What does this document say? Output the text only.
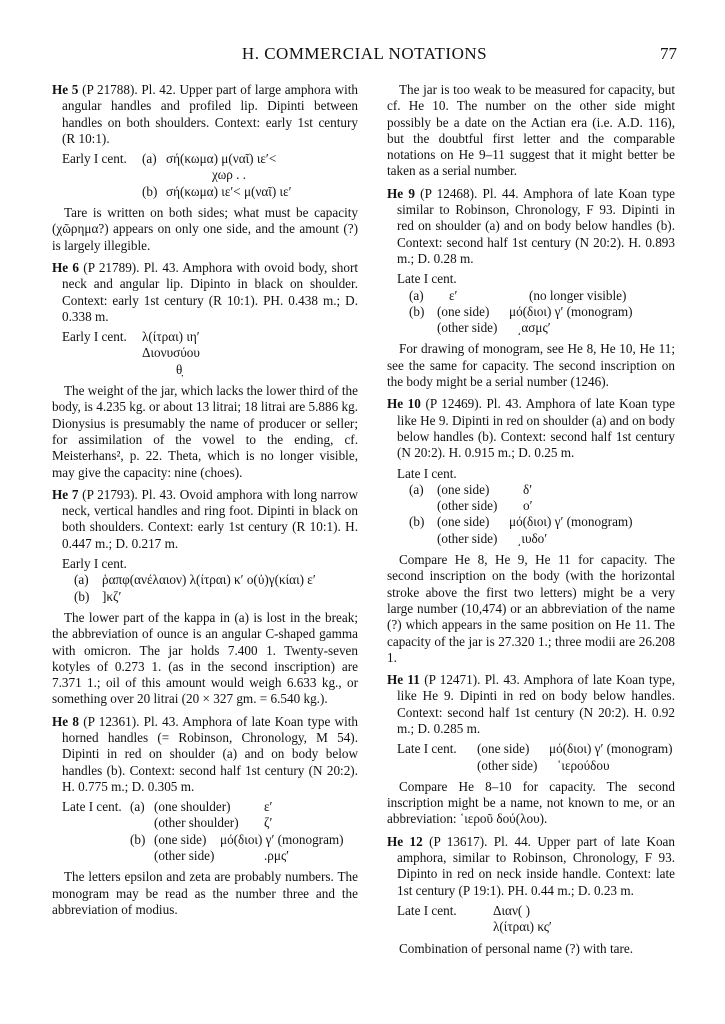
H. COMMERCIAL NOTATIONS	77

He 5 (P 21788). Pl. 42. Upper part of large amphora with angular handles and profiled lip. Dipinti between handles on both shoulders. Context: early 1st century (R 10:1).

Early I cent.	(a) σή(κωμα) μ(ναῖ) ιε′<
χωρ . .
(b) σή(κωμα) ιε′< μ(ναῖ) ιε′

Tare is written on both sides; what must be capacity (χῶρημα?) appears on only one side, and the amount (?) is largely illegible.

He 6 (P 21789). Pl. 43. Amphora with ovoid body, short neck and angular lip. Dipinto in black on shoulder. Context: early 1st century (R 10:1). PH. 0.438 m.; D. 0.338 m.

Early I cent.	λ(ίτραι) ιη′
Διονυσύου
θ̣

The weight of the jar, which lacks the lower third of the body, is 4.235 kg. or about 13 litrai; 18 litrai are 5.886 kg. Dionysius is presumably the name of producer or seller; for assimilation of the vowel to the ending, cf. Meisterhans², p. 22. Theta, which is no longer visible, may give the capacity: nine (choes).

He 7 (P 21793). Pl. 43. Ovoid amphora with long narrow neck, vertical handles and ring foot. Dipinti in black on both shoulders. Context: early 1st century (R 10:1). H. 0.447 m.; D. 0.217 m.

Early I cent.
(a)	ῥαπφ(ανέλαιον) λ(ίτραι) κ′ ο(ὐ)γ(κίαι) ε′
(b) ]κζ′

The lower part of the kappa in (a) is lost in the break; the abbreviation of ounce is an angular C-shaped gamma with omicron. The jar holds 7.400 1. Twenty-seven kotyles of 0.273 1. (as in the second inscription) are 7.371 1.; oil of this amount would weigh 6.633 kg., or something over 20 litrai (20 × 327 gm. = 6.540 kg.).

He 8 (P 12361). Pl. 43. Amphora of late Koan type with horned handles (= Robinson, Chronology, M 54). Dipinti in red on shoulder (a) and on body below handles (b). Context: second half 1st century (N 20:2). H. 0.775 m.; D. 0.305 m.

Late I cent. (a) (one shoulder)	ε′
(other shoulder)	ζ′
(b) (one side)	μό(διοι) γ′ (monogram)
(other side)	.ρμς′

The letters epsilon and zeta are probably numbers. The monogram may be read as the number three and the abbreviation of modius.

The jar is too weak to be measured for capacity, but cf. He 10. The number on the other side might possibly be a date on the Actian era (i.e. A.D. 116), but the doubtful first letter and the comparable notations on He 9–11 suggest that it might better be taken as a serial number.

He 9 (P 12468). Pl. 44. Amphora of late Koan type similar to Robinson, Chronology, F 93. Dipinti in red on shoulder (a) and on body below handles (b). Context: second half 1st century (N 20:2). H. 0.893 m.; D. 0.28 m.

Late I cent.
(a)	ε′	(no longer visible)
(b) (one side)	μό(διοι) γ′ (monogram)
(other side)	͵ασμς′

For drawing of monogram, see He 8, He 10, He 11; see the same for capacity. The second inscription on the body might be a serial number (1246).

He 10 (P 12469). Pl. 43. Amphora of late Koan type like He 9. Dipinti in red on shoulder (a) and on body below handles (b). Context: second half 1st century (N 20:2). H. 0.915 m.; D. 0.25 m.

Late I cent.
(a)	(one side)	δ′
(other side)	ο′
(b) (one side)	μό(διοι) γ′ (monogram)
(other side)	͵ιυδο′

Compare He 8, He 9, He 11 for capacity. The second inscription on the body (with the horizontal stroke above the first two letters) might be a very large number (10,474) or an abbreviation of the name (?) which appears in the same position on He 11. The capacity of the jar is 27.320 1.; three modii are 26.208 1.

He 11 (P 12471). Pl. 43. Amphora of late Koan type, like He 9. Dipinti in red on body below handles. Context: second half 1st century (N 20:2). H. 0.92 m.; D. 0.285 m.

Late I cent.	(one side)	μό(διοι) γ′ (monogram)
(other side)	῾ιερούδου

Compare He 8–10 for capacity. The second inscription might be a name, not known to me, or an abbreviation: ῾ιεροῦ δού(λου).

He 12 (P 13617). Pl. 44. Upper part of late Koan amphora, similar to Robinson, Chronology, F 93. Dipinto in red on neck inside handle. Context: late 1st century (P 19:1). PH. 0.44 m.; D. 0.23 m.

Late I cent.	Διαν( )
λ(ίτραι) κς′

Combination of personal name (?) with tare.
